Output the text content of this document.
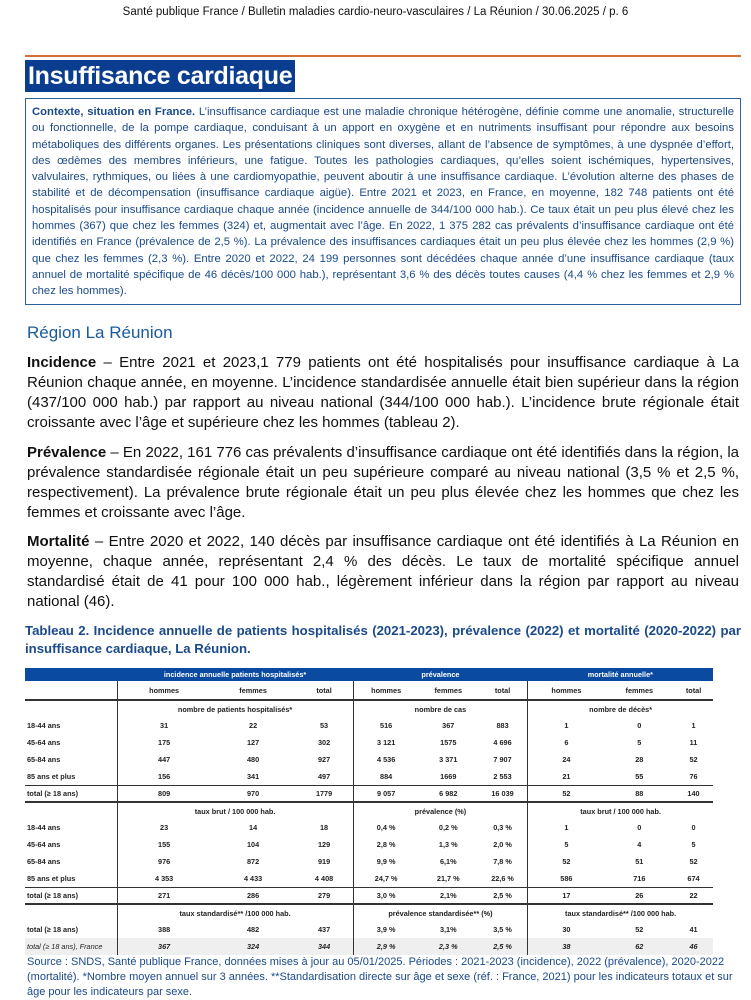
Santé publique France / Bulletin maladies cardio-neuro-vasculaires / La Réunion / 30.06.2025 / p. 6
Insuffisance cardiaque
Contexte, situation en France. L’insuffisance cardiaque est une maladie chronique hétérogène, définie comme une anomalie, structurelle ou fonctionnelle, de la pompe cardiaque, conduisant à un apport en oxygène et en nutriments insuffisant pour répondre aux besoins métaboliques des différents organes. Les présentations cliniques sont diverses, allant de l’absence de symptômes, à une dyspnée d’effort, des œdèmes des membres inférieurs, une fatigue. Toutes les pathologies cardiaques, qu’elles soient ischémiques, hypertensives, valvulaires, rythmiques, ou liées à une cardiomyopathie, peuvent aboutir à une insuffisance cardiaque. L’évolution alterne des phases de stabilité et de décompensation (insuffisance cardiaque aigüe). Entre 2021 et 2023, en France, en moyenne, 182 748 patients ont été hospitalisés pour insuffisance cardiaque chaque année (incidence annuelle de 344/100 000 hab.). Ce taux était un peu plus élevé chez les hommes (367) que chez les femmes (324) et, augmentait avec l’âge. En 2022, 1 375 282 cas prévalents d’insuffisance cardiaque ont été identifiés en France (prévalence de 2,5 %). La prévalence des insuffisances cardiaques était un peu plus élevée chez les hommes (2,9 %) que chez les femmes (2,3 %). Entre 2020 et 2022, 24 199 personnes sont décédées chaque année d’une insuffisance cardiaque (taux annuel de mortalité spécifique de 46 décès/100 000 hab.), représentant 3,6 % des décès toutes causes (4,4 % chez les femmes et 2,9 % chez les hommes).
Région La Réunion
Incidence – Entre 2021 et 2023,1 779 patients ont été hospitalisés pour insuffisance cardiaque à La Réunion chaque année, en moyenne. L’incidence standardisée annuelle était bien supérieur dans la région (437/100 000 hab.) par rapport au niveau national (344/100 000 hab.). L’incidence brute régionale était croissante avec l’âge et supérieure chez les hommes (tableau 2).
Prévalence – En 2022, 161 776 cas prévalents d’insuffisance cardiaque ont été identifiés dans la région, la prévalence standardisée régionale était un peu supérieure comparé au niveau national (3,5 % et 2,5 %, respectivement). La prévalence brute régionale était un peu plus élevée chez les hommes que chez les femmes et croissante avec l’âge.
Mortalité – Entre 2020 et 2022, 140 décès par insuffisance cardiaque ont été identifiés à La Réunion en moyenne, chaque année, représentant 2,4 % des décès. Le taux de mortalité spécifique annuel standardisé était de 41 pour 100 000 hab., légèrement inférieur dans la région par rapport au niveau national (46).
Tableau 2. Incidence annuelle de patients hospitalisés (2021-2023), prévalence (2022) et mortalité (2020-2022) par insuffisance cardiaque, La Réunion.
	incidence annuelle patients hospitalisés*			prévalence			mortalité annuelle*		
	hommes	femmes	total	hommes	femmes	total	hommes	femmes	total
	nombre de patients hospitalisés*			nombre de cas			nombre de décès*		
18-44 ans	31	22	53	516	367	883	1	0	1
45-64 ans	175	127	302	3 121	1575	4 696	6	5	11
65-84 ans	447	480	927	4 536	3 371	7 907	24	28	52
85 ans et plus	156	341	497	884	1669	2 553	21	55	76
total (≥ 18 ans)	809	970	1779	9 057	6 982	16 039	52	88	140
	taux brut / 100 000 hab.			prévalence (%)			taux brut / 100 000 hab.		
18-44 ans	23	14	18	0,4 %	0,2 %	0,3 %	1	0	0
45-64 ans	155	104	129	2,8 %	1,3 %	2,0 %	5	4	5
65-84 ans	976	872	919	9,9 %	6,1%	7,8 %	52	51	52
85 ans et plus	4 353	4 433	4 408	24,7 %	21,7 %	22,6 %	586	716	674
total (≥ 18 ans)	271	286	279	3,0 %	2,1%	2,5 %	17	26	22
	taux standardisé** /100 000 hab.			prévalence standardisée** (%)			taux standardisé** /100 000 hab.		
total (≥ 18 ans)	388	482	437	3,9 %	3,1%	3,5 %	30	52	41
total (≥ 18 ans), France	367	324	344	2,9 %	2,3 %	2,5 %	38	62	46
Source : SNDS, Santé publique France, données mises à jour au 05/01/2025. Périodes : 2021-2023 (incidence), 2022 (prévalence), 2020-2022 (mortalité). *Nombre moyen annuel sur 3 années. **Standardisation directe sur âge et sexe (réf. : France, 2021) pour les indicateurs totaux et sur âge pour les indicateurs par sexe.
